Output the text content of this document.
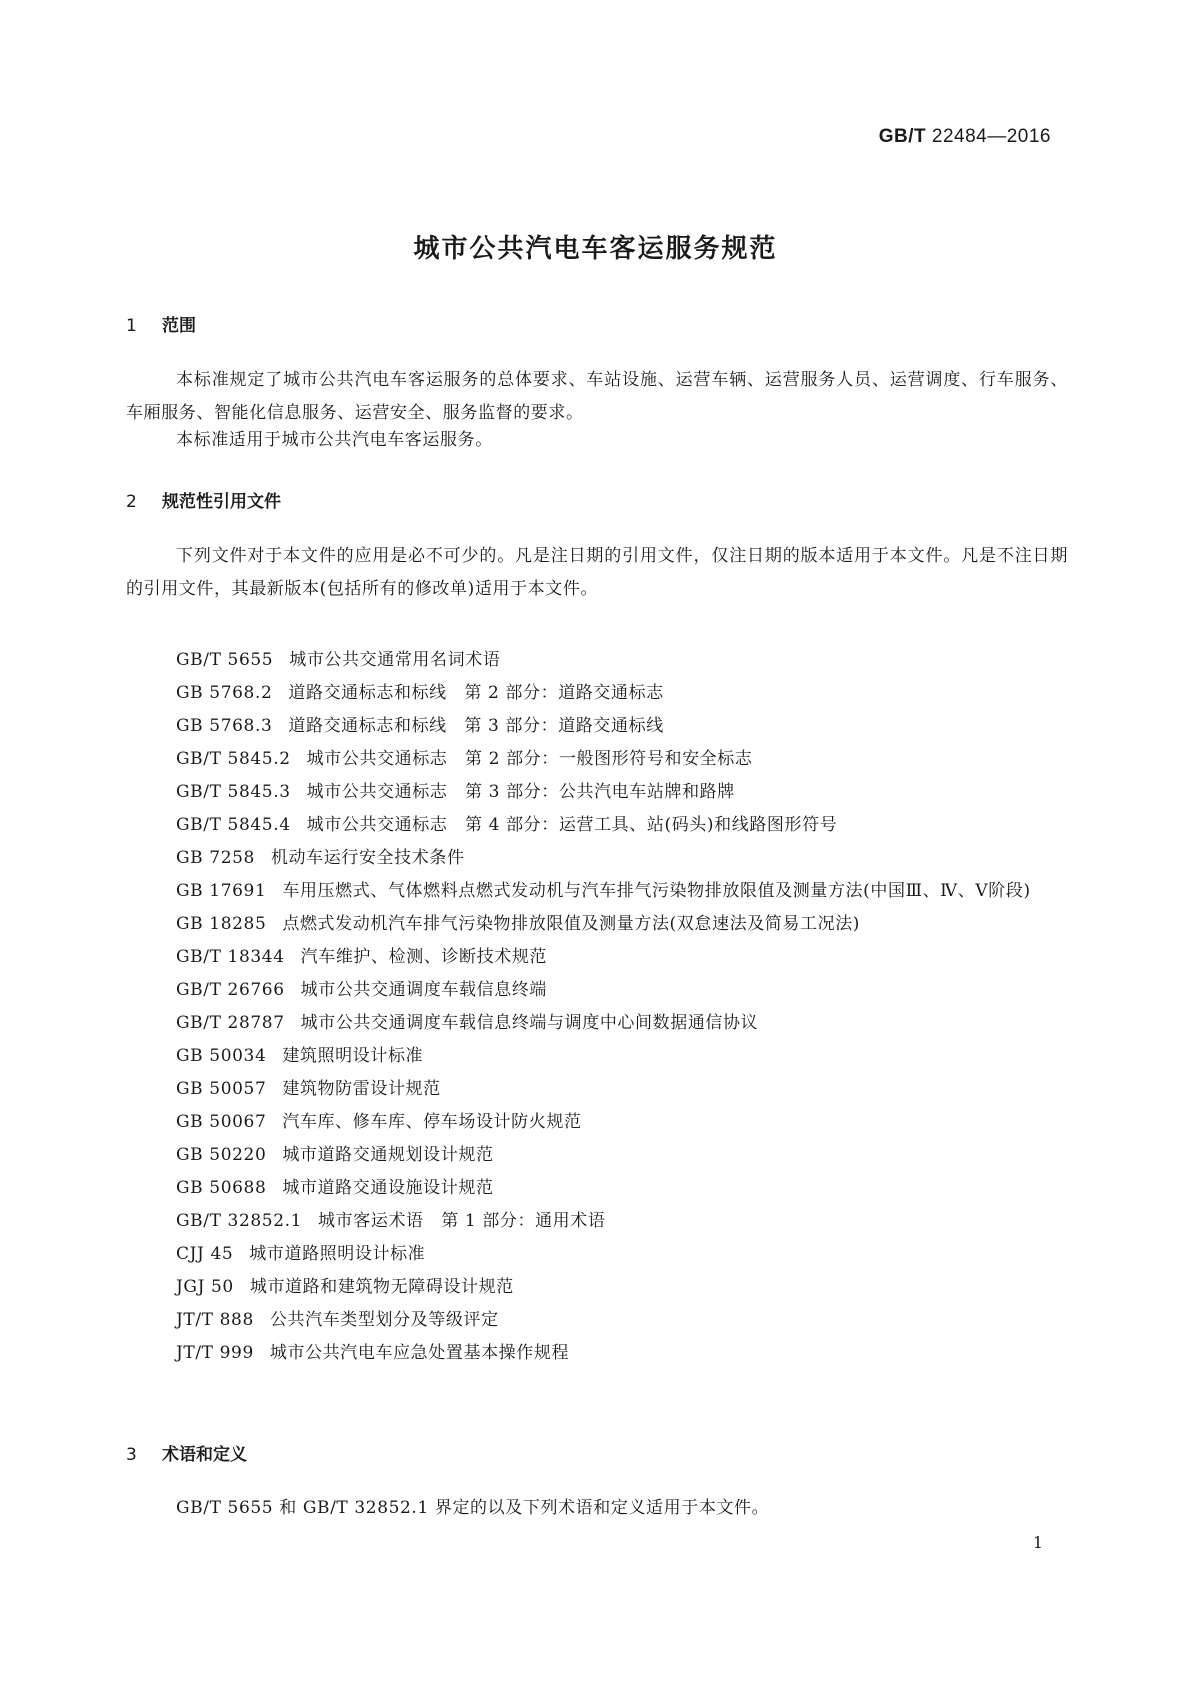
GB/T 22484—2016
城市公共汽电车客运服务规范
1 范围

本标准规定了城市公共汽电车客运服务的总体要求、车站设施、运营车辆、运营服务人员、运营调度、行车服务、车厢服务、智能化信息服务、运营安全、服务监督的要求。

本标准适用于城市公共汽电车客运服务。

2 规范性引用文件

下列文件对于本文件的应用是必不可少的。凡是注日期的引用文件，仅注日期的版本适用于本文件。凡是不注日期的引用文件，其最新版本(包括所有的修改单)适用于本文件。

GB/T 5655 城市公共交通常用名词术语
GB 5768.2 道路交通标志和标线　第 2 部分：道路交通标志
GB 5768.3 道路交通标志和标线　第 3 部分：道路交通标线
GB/T 5845.2 城市公共交通标志　第 2 部分：一般图形符号和安全标志
GB/T 5845.3 城市公共交通标志　第 3 部分：公共汽电车站牌和路牌
GB/T 5845.4 城市公共交通标志　第 4 部分：运营工具、站(码头)和线路图形符号
GB 7258 机动车运行安全技术条件
GB 17691 车用压燃式、气体燃料点燃式发动机与汽车排气污染物排放限值及测量方法(中国Ⅲ、Ⅳ、Ⅴ阶段)
GB 18285 点燃式发动机汽车排气污染物排放限值及测量方法(双怠速法及简易工况法)
GB/T 18344 汽车维护、检测、诊断技术规范
GB/T 26766 城市公共交通调度车载信息终端
GB/T 28787 城市公共交通调度车载信息终端与调度中心间数据通信协议
GB 50034 建筑照明设计标准
GB 50057 建筑物防雷设计规范
GB 50067 汽车库、修车库、停车场设计防火规范
GB 50220 城市道路交通规划设计规范
GB 50688 城市道路交通设施设计规范
GB/T 32852.1 城市客运术语　第 1 部分：通用术语
CJJ 45 城市道路照明设计标准
JGJ 50 城市道路和建筑物无障碍设计规范
JT/T 888 公共汽车类型划分及等级评定
JT/T 999 城市公共汽电车应急处置基本操作规程
3 术语和定义

GB/T 5655 和 GB/T 32852.1 界定的以及下列术语和定义适用于本文件。

1
